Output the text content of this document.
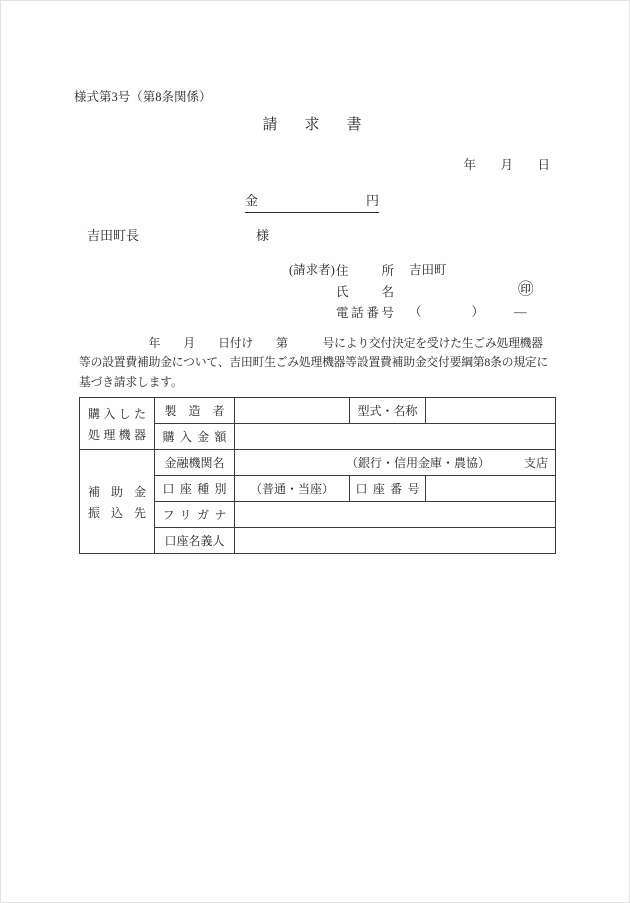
様式第3号（第8条関係）
請　求　書
年　月　日
金	円
吉田町長	様
(請求者)住所 吉田町
氏名	㊞
電話番号 （	） —
　　　　　　年　　月　　日付け　　第　　　号により交付決定を受けた生ごみ処理機器
等の設置費補助金について、吉田町生ごみ処理機器等設置費補助金交付要綱第8条の規定に
基づき請求します。
購入した
処理機器	製造者		型式・名称	
	購入金額			

補助金
振込先
	金融機関名	（銀行・信用金庫・農協）	支店

	口座種別	（普通・当座）	口座番号	
	フリガナ			
	口座名義人			
